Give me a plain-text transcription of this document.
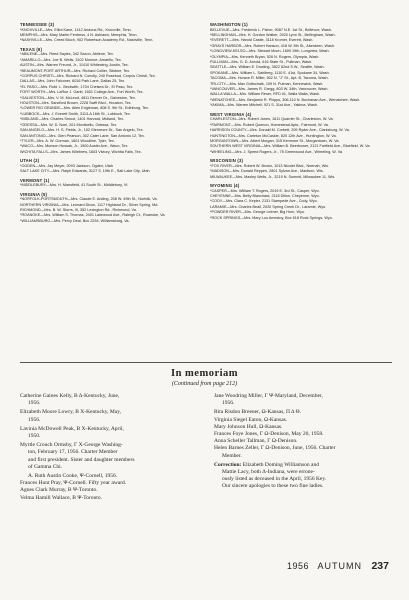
TENNESSEE (3)
*KNOXVILLE—Mrs. Elliot Kane, 1412 Andona Rd., Knoxville, Tenn.
MEMPHIS—Mrs. Mary Martin Fentress, 4 N. Ashlawn, Memphis, Tenn.
*NASHVILLE—Mrs. Creed Bloch, 902 Robertson Academy Rd., Nashville, Tenn.
TEXAS (9)
*ABILENE—Mrs. Reed Sayles, 342 Saxon, Abilene, Tex.
*AMARILLO—Mrs. Joe B. Wells, 3102 Monroe, Amarillo, Tex.
AUSTIN—Mrs. Warren Freund, Jr., 11410 Whitewing, Austin, Tex.
*BEAUMONT-PORT ARTHUR—Mrs. Richard Collier, Silsbee, Tex.
*CORPUS CHRISTI—Mrs. Richard N. Conolly, 240 Rosebud, Corpus Christi, Tex.
DALLAS—Mrs. John Falconer, 6016 Park Lane, Dallas 25, Tex.
*EL PASO—Mrs. Robt. L. Beckwith, 1704 Chelsea Dr., El Paso, Tex.
FORT WORTH—Mrs. LaRue J. Gantt, 1601 College Ave., Fort Worth, Tex.
*GALVESTON—Mrs. V. M. McLeod, 4811 Denver Dr., Galveston, Tex.
HOUSTON—Mrs. Sandford Brown, 2228 Swift Blvd., Houston, Tex.
*LOWER RIO GRANDE—Mrs. Allen Engleman, 808 S. 9th St., Edinburg, Tex.
*LUBBOCK—Mrs. J. Everett Smith, 3113-A 16th St., Lubbock, Tex.
*MIDLAND—Mrs. Charles Smoot, 1401 Harvard, Midland, Tex.
*ODESSA—Mrs. W. D. Noel, 201 Monticello, Odessa, Tex.
SAN ANGELO—Mrs. H. S. Fields, Jr., 102 Glenmore Dr., San Angelo, Tex.
SAN ANTONIO—Mrs. Glen Pearson, 302 Cater Lane, San Antonio 12, Tex.
*TYLER—Mrs. A. W. Gorman, 1601 Woodline, Tyler, Tex.
*WACO—Mrs. Munson Hussak, Jr., 1900 Austin Ave., Waco, Tex.
WICHITA FALLS—Mrs. James Killebrew, 1603 Victory, Wichita Falls, Tex.
UTAH (2)
*OGDEN—Mrs. Jay Meyer, 2093 Jackson, Ogden, Utah
SALT LAKE CITY—Mrs. Ralph Edwards, 3127 S. 19th E., Salt Lake City, Utah
VERMONT (1)
*MIDDLEBURY—Mrs. H. Mansfield, 41 South St., Middlebury, Vt.
VIRGINIA (5)
*NORFOLK-PORTSMOUTH—Mrs. Claude E. Anding, 208 W. 49th St., Norfolk, Va.
NORTHERN VIRGINIA—Mrs. Leonard Dixon, 1117 Highland Dr., Silver Spring, Md.
RICHMOND—Mrs. B. W. Storrs, III, 352 Lexington Rd., Richmond, Va.
*ROANOKE—Mrs. William S. Thomas, 2401 Lakewood Ave., Raleigh Ct., Roanoke, Va.
*WILLIAMSBURG—Mrs. Percy Deal, Box 2294, Williamsburg, Va.
WASHINGTON (1)
BELLEVUE—Mrs. Frederick L. Fisher, 9087 N.E. 1st St., Bellevue, Wash.
*BELLINGHAM—Mrs. H. Gordon Walker, 2920 Lynn St., Bellingham, Wash.
*EVERETT—Mrs. Harold Castle, 3118 Kromer, Everett, Wash.
*GRAYS HARBOR—Mrs. Robert Hanson, 418 W. 5th St., Aberdeen, Wash.
*LONGVIEW-KELSO—Mrs. Stewart Moon, 1609 19th, Longview, Wash.
*OLYMPIA—Mrs. Kenneth Bryan, 526 N. Rogers, Olympia, Wash.
PULLMAN—Mrs. G. D. Arnold, 616 State St., Pullman, Wash.
SEATTLE—Mrs. William E. Dowling, 3822 52nd S.W., Seattle, Wash.
SPOKANE—Mrs. William L. Sahlberg, 1110 E. 41st, Spokane 34, Wash.
TACOMA—Mrs. Horace R. Miller, 502 N. "J" St., Apt. B, Tacoma, Wash.
TRI-CITY—Mrs. Max Gottschalk, 109 N. Pulman, Kennewick, Wash.
*VANCOUVER—Mrs. James R. Gregg, 803 W. 34th, Vancouver, Wash.
WALLA WALLA—Mrs. William Reser, RFD #1, Walla Walla, Wash.
*WENATCHEE—Mrs. Benjamin R. Phipps, 306-110 N. Buchanan Ave., Wenatchee, Wash.
YAKIMA—Mrs. Warren Mitchell, 921 S. 31st Ave., Yakima, Wash.
WEST VIRGINIA (4)
CHARLESTON—Mrs. Robert Jones, 1611 Quarrier St., Charleston, W. Va.
*FAIRMONT—Mrs. Robert Quenon, Homestead Apts., Fairmont, W. Va.
HARRISON COUNTY—Mrs. Donald M. Corbett, 209 Ryder Ave., Clarksburg, W. Va.
HUNTINGTON—Mrs. Carleton McCaskie, 820 12th Ave., Huntington, W. Va.
MORGANTOWN—Mrs. Albert Morgan, 315 Kenmore St., Morgantown, W. Va.
SOUTHERN WEST VIRGINIA—Mrs. William B. Beerbower, 2121 Fairfield Ave., Bluefield, W. Va.
*WHEELING—Mrs. J. Speed Rogers, Jr., 75 Greenwood Ave., Wheeling, W. Va.
WISCONSIN (3)
*FOX RIVER—Mrs. Robert W. Brown, 1013 Nicolet Blvd., Neenah, Wis.
*MADISON—Mrs. Donald Reppen, 2801 Sylvan Ave., Madison, Wis.
MILWAUKEE—Mrs. Maxley Wells, Jr., 3219 N. Summit, Milwaukee 11, Wis.
WYOMING (4)
*CASPER—Mrs. William T. Rogers, 2019 E. 3rd St., Casper, Wyo.
CHEYENNE—Mrs. Betty Blanchard, 2118 Dillon, Cheyenne, Wyo.
*CODY—Mrs. Clara C. Kepler, 2131 Stampede Ave., Cody, Wyo.
LARAMIE—Mrs. Charles Beall, 2020 Spring Creek Dr., Laramie, Wyo.
*POWDER RIVER—Mrs. George Leimer, Big Horn, Wyo.
*ROCK SPRINGS—Mrs. Mary Lou Amestoy, Box 518 Rock Springs, Wyo.
In memoriam
(Continued from page 212)
Catherine Gaines Kelly, Β Δ-Kentucky, June,
1956.
Elizabeth Moore Lowry, Β Χ-Kentucky, May,
1956.
Lavinia McDowell Peak, Β Χ-Kentucky, April,
1950.
Myrtle Crouch Ormsby, Γ Χ-George Washing-
ton, February 17, 1956. Charter Member
and first president. Sister and daughter members
of Gamma Chi.
A. Ruth Austin Cooke, Ψ-Cornell, 1956.
Frances Hunt Pray, Ψ-Cornell. Fifty year award.
Agnes Clark Murray, Β Ψ-Toronto.
Velma Hamill Wallace, Β Ψ-Toronto.
Jane Woodring Miller, Γ Ψ-Maryland, December,
1956.
Rita Risdon Breener, Ω-Kansas, Π Δ Θ.
Virginia Siegel Eaton, Ω-Kansas.
Mary Johnson Hull, Ω-Kansas.
Frances Foye Jones, Γ Ω-Denison, May 20, 1958.
Anna Scheller Tallman, Γ Ω-Denison.
Helen Barnes Zeller, Γ Ω-Denison, June, 1956. Charter
Member.
Correction: Elizabeth Doming Williamson and
Mattie Lacy, both Δ-Indiana, were errone-
ously listed as deceased in the April, 1956 Key.
Our sincere apologies to these two fine ladies.
1956 AUTUMN 237
